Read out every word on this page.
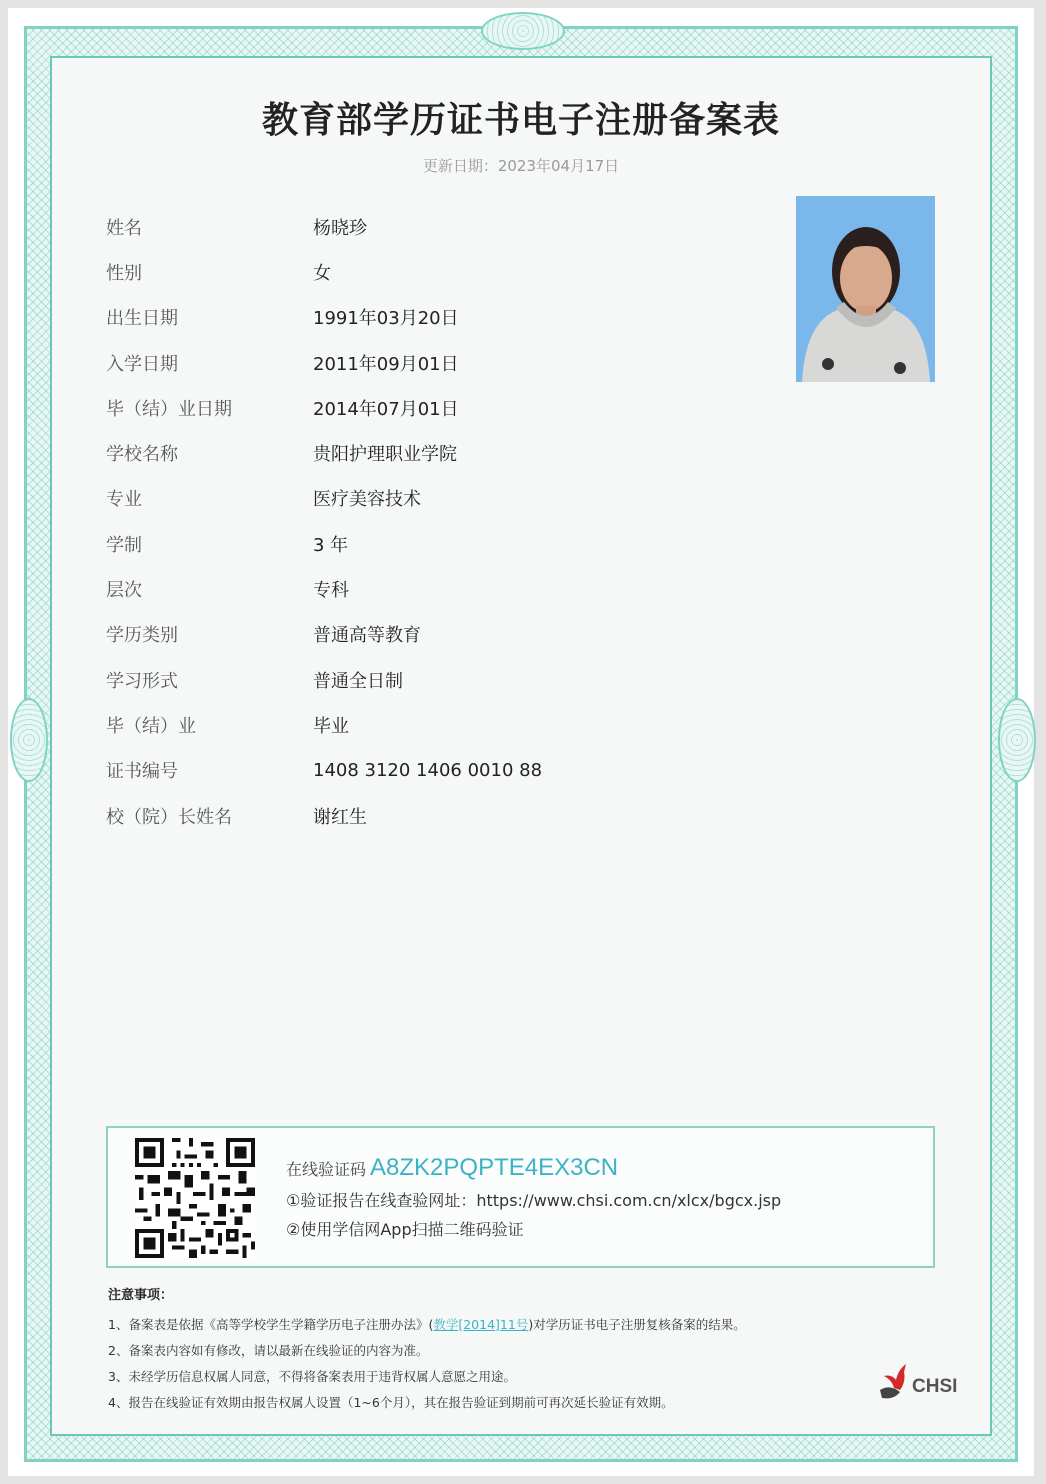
教育部学历证书电子注册备案表
更新日期：2023年04月17日
姓名	杨晓珍
性别	女
出生日期	1991年03月20日
入学日期	2011年09月01日
毕（结）业日期	2014年07月01日
学校名称	贵阳护理职业学院
专业	医疗美容技术
学制	3 年
层次	专科
学历类别	普通高等教育
学习形式	普通全日制
毕（结）业	毕业
证书编号	1408 3120 1406 0010 88
校（院）长姓名	谢红生
在线验证码 A8ZK2PQPTE4EX3CN
①验证报告在线查验网址：https://www.chsi.com.cn/xlcx/bgcx.jsp
②使用学信网App扫描二维码验证
注意事项：
1、备案表是依据《高等学校学生学籍学历电子注册办法》(教学[2014]11号)对学历证书电子注册复核备案的结果。
2、备案表内容如有修改，请以最新在线验证的内容为准。
3、未经学历信息权属人同意，不得将备案表用于违背权属人意愿之用途。
4、报告在线验证有效期由报告权属人设置（1~6个月），其在报告验证到期前可再次延长验证有效期。
CHSI
